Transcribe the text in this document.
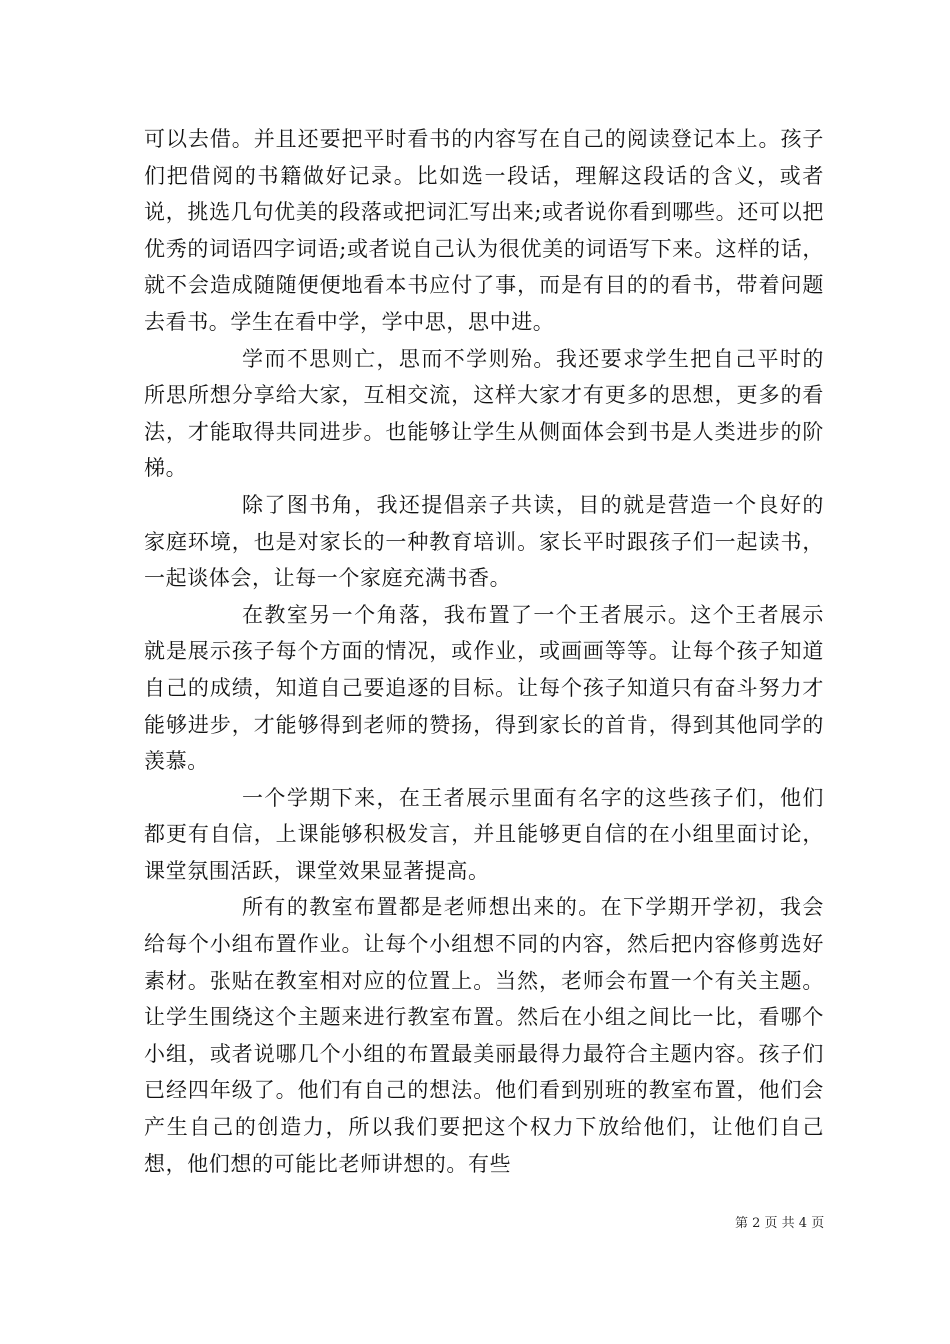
可以去借。并且还要把平时看书的内容写在自己的阅读登记本上。孩子们把借阅的书籍做好记录。比如选一段话，理解这段话的含义，或者说，挑选几句优美的段落或把词汇写出来;或者说你看到哪些。还可以把优秀的词语四字词语;或者说自己认为很优美的词语写下来。这样的话，就不会造成随随便便地看本书应付了事，而是有目的的看书，带着问题去看书。学生在看中学，学中思，思中进。

学而不思则亡，思而不学则殆。我还要求学生把自己平时的所思所想分享给大家，互相交流，这样大家才有更多的思想，更多的看法，才能取得共同进步。也能够让学生从侧面体会到书是人类进步的阶梯。

除了图书角，我还提倡亲子共读，目的就是营造一个良好的家庭环境，也是对家长的一种教育培训。家长平时跟孩子们一起读书，一起谈体会，让每一个家庭充满书香。

在教室另一个角落，我布置了一个王者展示。这个王者展示就是展示孩子每个方面的情况，或作业，或画画等等。让每个孩子知道自己的成绩，知道自己要追逐的目标。让每个孩子知道只有奋斗努力才能够进步，才能够得到老师的赞扬，得到家长的首肯，得到其他同学的羡慕。

一个学期下来，在王者展示里面有名字的这些孩子们，他们都更有自信，上课能够积极发言，并且能够更自信的在小组里面讨论，课堂氛围活跃，课堂效果显著提高。

所有的教室布置都是老师想出来的。在下学期开学初，我会给每个小组布置作业。让每个小组想不同的内容，然后把内容修剪选好素材。张贴在教室相对应的位置上。当然，老师会布置一个有关主题。让学生围绕这个主题来进行教室布置。然后在小组之间比一比，看哪个小组，或者说哪几个小组的布置最美丽最得力最符合主题内容。孩子们已经四年级了。他们有自己的想法。他们看到别班的教室布置，他们会产生自己的创造力，所以我们要把这个权力下放给他们，让他们自己想，他们想的可能比老师讲想的。有些

第 2 页 共 4 页
